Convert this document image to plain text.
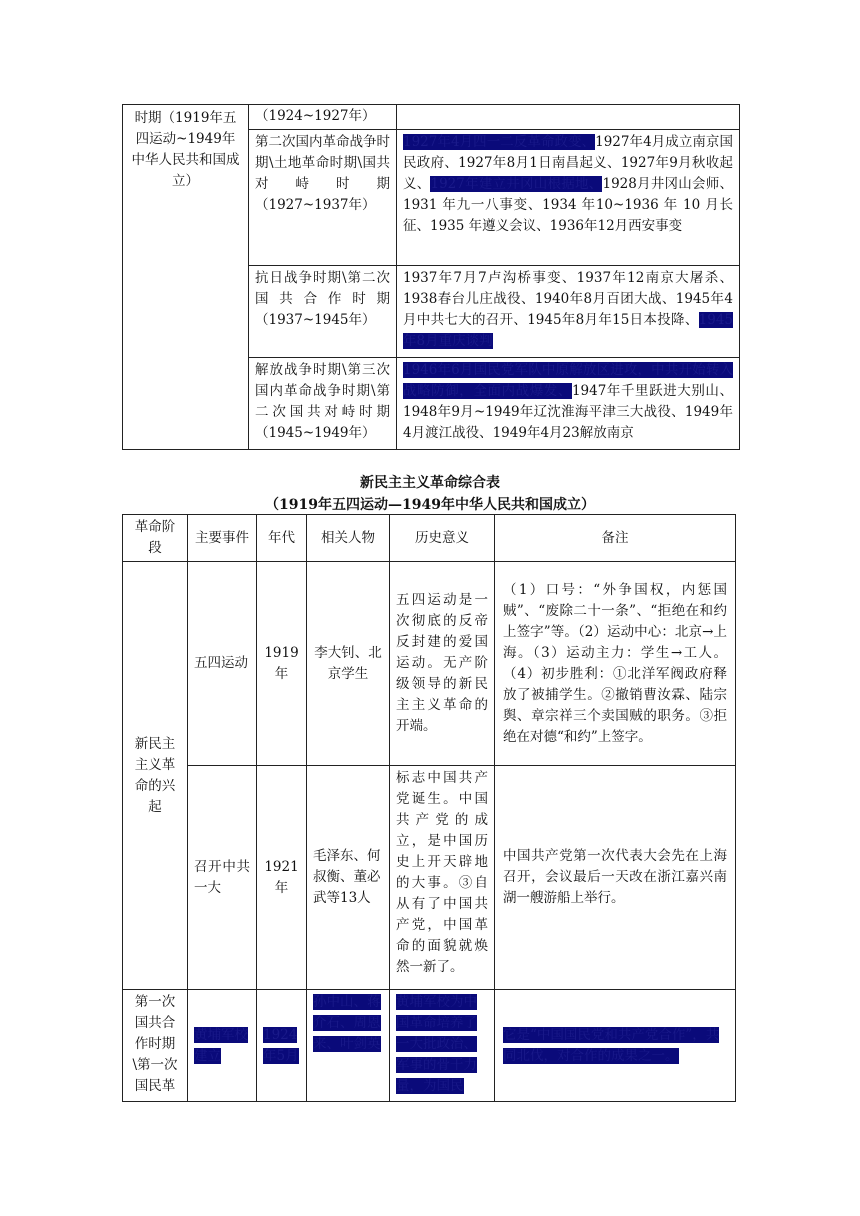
时期（1919年五四运动~1949年中华人民共和国成立）	（1924~1927年）	
	第二次国内革命战争时期\土地革命时期\国共对峙时期（1927~1937年）	1927年4月四一二反革命政变、1927年4月成立南京国民政府、1927年8月1日南昌起义、1927年9月秋收起义、1927年建立井冈山根据地、1928月井冈山会师、1931 年九一八事变、1934 年10~1936 年 10 月长征、1935 年遵义会议、1936年12月西安事变
	抗日战争时期\第二次国共合作时期（1937~1945年）	1937年7月7卢沟桥事变、1937年12南京大屠杀、1938春台儿庄战役、1940年8月百团大战、1945年4月中共七大的召开、1945年8月年15日本投降、1945年8月重庆谈判
	解放战争时期\第三次国内革命战争时期\第二次国共对峙时期（1945~1949年）	1946年6月国民党军队中原解放区进攻，中共开始转入战略防御，全面内战爆发、1947年千里跃进大别山、1948年9月~1949年辽沈淮海平津三大战役、1949年4月渡江战役、1949年4月23解放南京
新民主主义革命综合表
（1919年五四运动—1949年中华人民共和国成立）
革命阶段	主要事件	年代	相关人物	历史意义	备注
新民主主义革命的兴起	五四运动	1919年	李大钊、北京学生	五四运动是一次彻底的反帝反封建的爱国运动。无产阶级领导的新民主主义革命的开端。	（1）口号：“外争国权，内惩国贼”、“废除二十一条”、“拒绝在和约上签字”等。（2）运动中心：北京→上海。（3）运动主力：学生→工人。（4）初步胜利：①北洋军阀政府释放了被捕学生。②撤销曹汝霖、陆宗舆、章宗祥三个卖国贼的职务。③拒绝在对德“和约”上签字。
	召开中共一大	1921年	毛泽东、何叔衡、董必武等13人	标志中国共产党诞生。中国共产党的成立，是中国历史上开天辟地的大事。③自从有了中国共产党，中国革命的面貌就焕然一新了。	中国共产党第一次代表大会先在上海召开，会议最后一天改在浙江嘉兴南湖一艘游船上举行。
第一次国共合作时期\第一次国民革	黄埔军校建立	1924年5月	孙中山、蒋介石、周恩来、叶剑英	黄埔军校为中国革命培养了一大批政治、军事的骨干力量，为国民	它是“中国国民党和共产党合作”，共同北伐，对合作的成果之一。
